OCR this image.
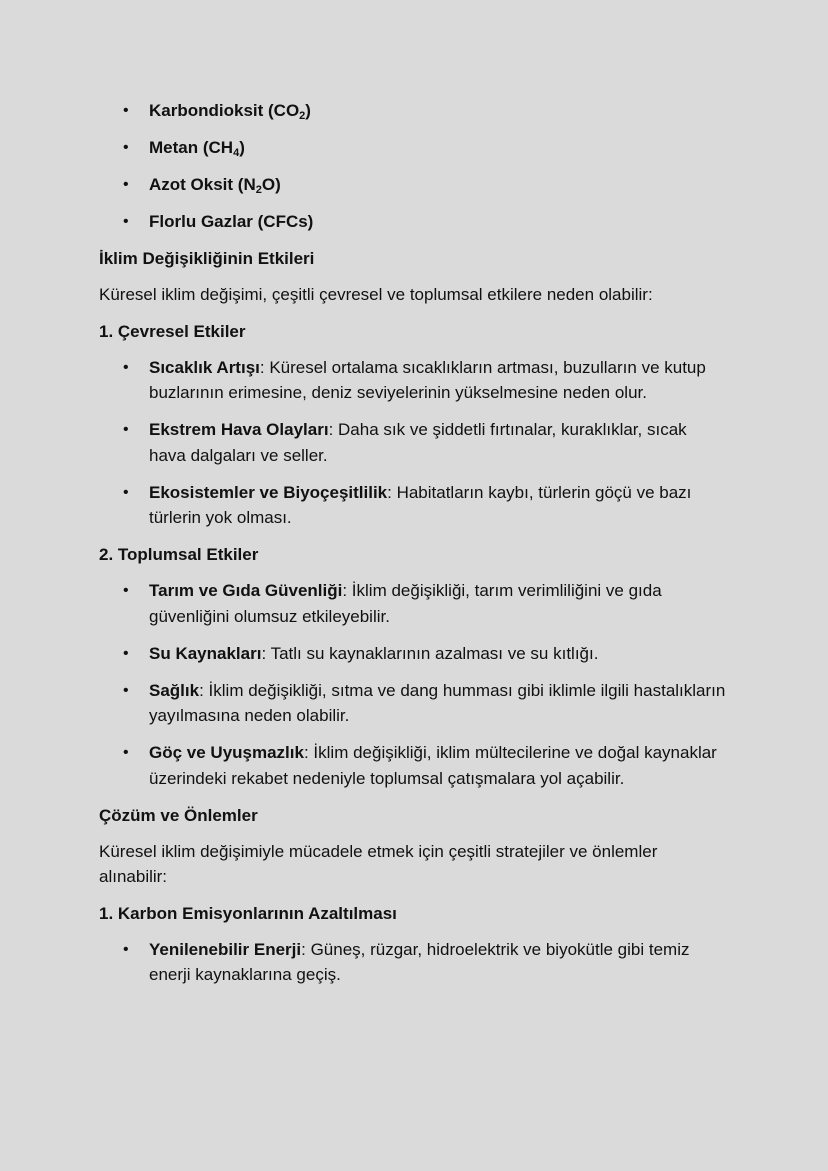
• Karbondioksit $(CO_2)$
• Metan $(CH_4)$
• Azot Oksit $(N_2O)$
• Florlu Gazlar (CFCs)
İklim Değişikliğinin Etkileri
Küresel iklim değişimi, çeşitli çevresel ve toplumsal etkilere neden olabilir:
1. Çevresel Etkiler
• Sıcaklık Artışı: Küresel ortalama sıcaklıkların artması, buzulların ve kutup buzlarının erimesine, deniz seviyelerinin yükselmesine neden olur.
• Ekstrem Hava Olayları: Daha sık ve şiddetli fırtınalar, kuraklıklar, sıcak hava dalgaları ve seller.
• Ekosistemler ve Biyoçeşitlilik: Habitatların kaybı, türlerin göçü ve bazı türlerin yok olması.
2. Toplumsal Etkiler
• Tarım ve Gıda Güvenliği: İklim değişikliği, tarım verimliliğini ve gıda güvenliğini olumsuz etkileyebilir.
• Su Kaynakları: Tatlı su kaynaklarının azalması ve su kıtlığı.
• Sağlık: İklim değişikliği, sıtma ve dang humması gibi iklimle ilgili hastalıkların yayılmasına neden olabilir.
• Göç ve Uyuşmazlık: İklim değişikliği, iklim mültecilerine ve doğal kaynaklar üzerindeki rekabet nedeniyle toplumsal çatışmalara yol açabilir.
Çözüm ve Önlemler
Küresel iklim değişimiyle mücadele etmek için çeşitli stratejiler ve önlemler alınabilir:
1. Karbon Emisyonlarının Azaltılması
• Yenilenebilir Enerji: Güneş, rüzgar, hidroelektrik ve biyokütle gibi temiz enerji kaynaklarına geçiş.
